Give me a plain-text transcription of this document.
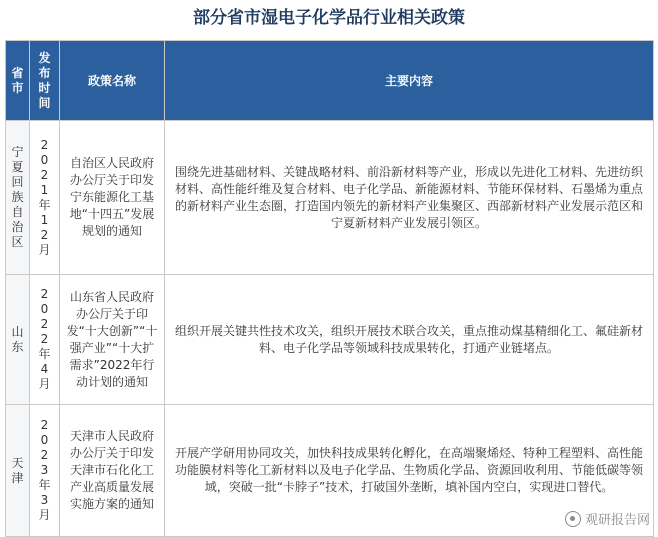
部分省市湿电子化学品行业相关政策
省市	发布时间	政策名称	主要内容

宁夏回族自治区	2021年12月	自治区人民政府办公厅关于印发宁东能源化工基地“十四五”发展规划的通知	围绕先进基础材料、关键战略材料、前沿新材料等产业，形成以先进化工材料、先进纺织材料、高性能纤维及复合材料、电子化学品、新能源材料、节能环保材料、石墨烯为重点的新材料产业生态圈，打造国内领先的新材料产业集聚区、西部新材料产业发展示范区和宁夏新材料产业发展引领区。

山东	2022年4月	山东省人民政府办公厅关于印发“十大创新”“十强产业”“十大扩需求”2022年行动计划的通知	组织开展关键共性技术攻关，组织开展技术联合攻关，重点推动煤基精细化工、氟硅新材料、电子化学品等领域科技成果转化，打通产业链堵点。

天津	2023年3月	天津市人民政府办公厅关于印发天津市石化化工产业高质量发展实施方案的通知	开展产学研用协同攻关，加快科技成果转化孵化，在高端聚烯烃、特种工程塑料、高性能功能膜材料等化工新材料以及电子化学品、生物质化学品、资源回收利用、节能低碳等领域，突破一批“卡脖子”技术，打破国外垄断，填补国内空白，实现进口替代。
观研报告网
